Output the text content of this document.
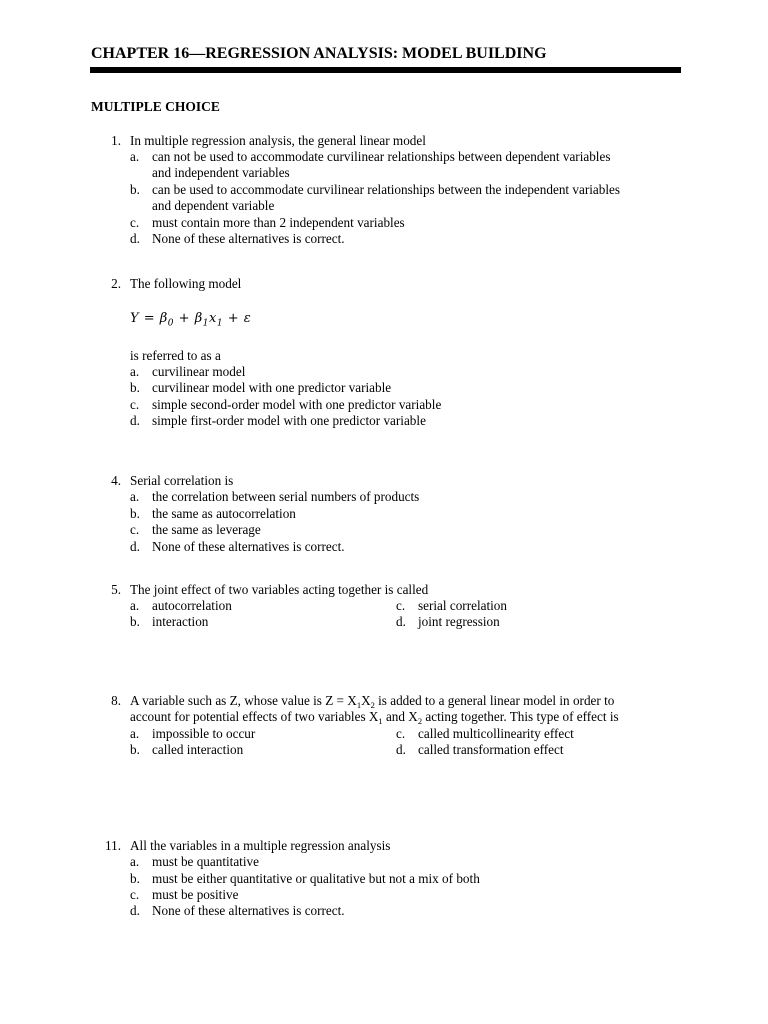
CHAPTER 16—REGRESSION ANALYSIS: MODEL BUILDING
MULTIPLE CHOICE
1. In multiple regression analysis, the general linear model
a. can not be used to accommodate curvilinear relationships between dependent variables
and independent variables
b. can be used to accommodate curvilinear relationships between the independent variables
and dependent variable
c. must contain more than 2 independent variables
d. None of these alternatives is correct.
2. The following model
$Y = \beta_0 + \beta_1x_1 + \varepsilon$
is referred to as a
a. curvilinear model
b. curvilinear model with one predictor variable
c. simple second-order model with one predictor variable
d. simple first-order model with one predictor variable
4. Serial correlation is
a. the correlation between serial numbers of products
b. the same as autocorrelation
c. the same as leverage
d. None of these alternatives is correct.
5. The joint effect of two variables acting together is called
a. autocorrelation
b. interaction
c. serial correlation
d. joint regression
8. A variable such as Z, whose value is $Z = X_1X_2$ is added to a general linear model in order to
account for potential effects of two variables $X_1$ and $X_2$ acting together. This type of effect is
a. impossible to occur
b. called interaction
c. called multicollinearity effect
d. called transformation effect
11. All the variables in a multiple regression analysis
a. must be quantitative
b. must be either quantitative or qualitative but not a mix of both
c. must be positive
d. None of these alternatives is correct.
